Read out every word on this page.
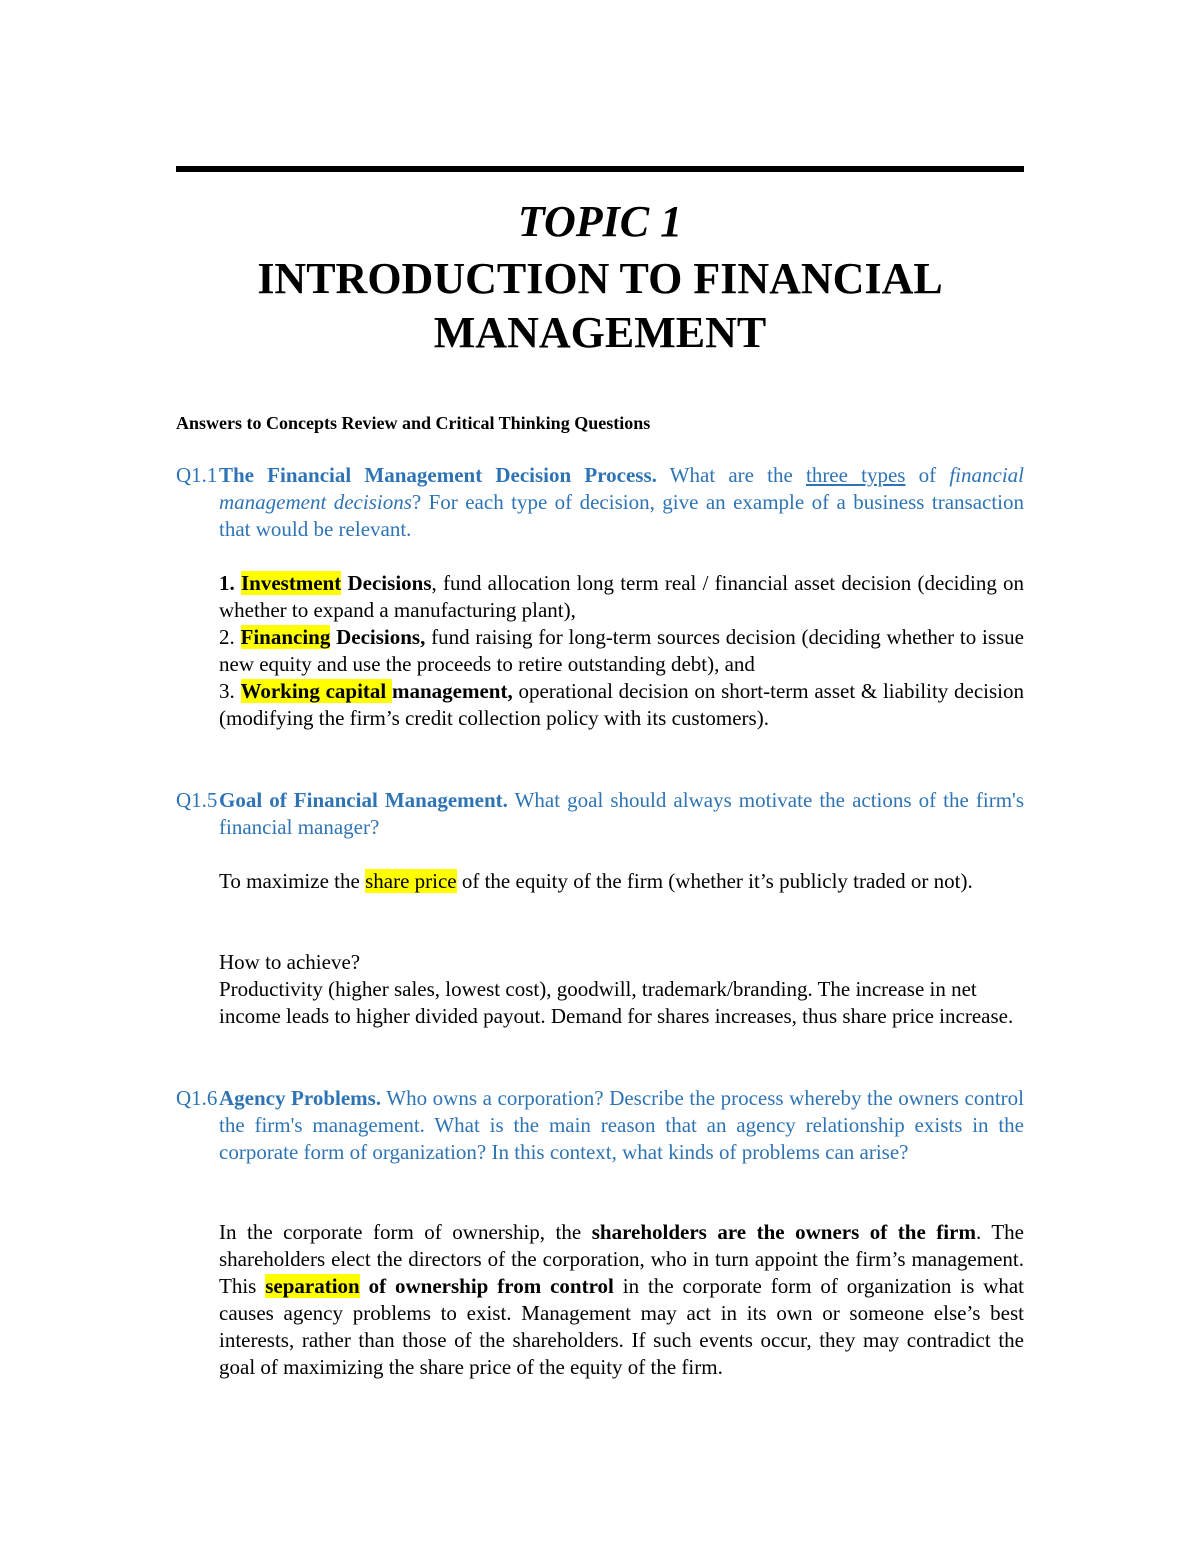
TOPIC 1
INTRODUCTION TO FINANCIAL
MANAGEMENT
Answers to Concepts Review and Critical Thinking Questions
Q1.1 The Financial Management Decision Process. What are the three types of financial management decisions? For each type of decision, give an example of a business transaction that would be relevant.

1. Investment Decisions, fund allocation long term real / financial asset decision (deciding on whether to expand a manufacturing plant),

2. Financing Decisions, fund raising for long-term sources decision (deciding whether to issue new equity and use the proceeds to retire outstanding debt), and

3. Working capital management, operational decision on short-term asset & liability decision (modifying the firm’s credit collection policy with its customers).

Q1.5 Goal of Financial Management. What goal should always motivate the actions of the firm's financial manager?

To maximize the share price of the equity of the firm (whether it’s publicly traded or not).

How to achieve?

Productivity (higher sales, lowest cost), goodwill, trademark/branding. The increase in net income leads to higher divided payout. Demand for shares increases, thus share price increase.

Q1.6 Agency Problems. Who owns a corporation? Describe the process whereby the owners control the firm's management. What is the main reason that an agency relationship exists in the corporate form of organization? In this context, what kinds of problems can arise?

In the corporate form of ownership, the shareholders are the owners of the firm. The shareholders elect the directors of the corporation, who in turn appoint the firm’s management. This separation of ownership from control in the corporate form of organization is what causes agency problems to exist. Management may act in its own or someone else’s best interests, rather than those of the shareholders. If such events occur, they may contradict the goal of maximizing the share price of the equity of the firm.
